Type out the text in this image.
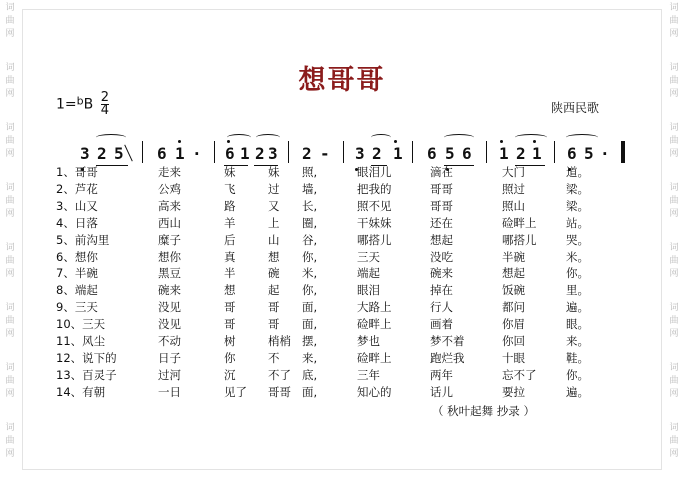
词
曲
网
词
曲
网
词
曲
网
词
曲
网
词
曲
网
词
曲
网
词
曲
网
词
曲
网
词
曲
网
词
曲
网
词
曲
网
词
曲
网
词
曲
网
词
曲
网
词
曲
网
词
曲
网
想哥哥
$1=^bB \frac{2}{4}$	陕西民歌
3 2 5 6 1 · 6 1 2 3 2 - 3 2 1 6 5 6 1 2 1 6 5 ·
1、哥哥	走来	妹	妹 照,	眼泪儿	滴在	大门	道。
2、芦花	公鸡	飞	过 墙,	把我的	哥哥	照过	梁。
3、山又	高来	路	又 长,	照不见	哥哥	照山	梁。
4、日落	西山	羊	上 圈,	干妹妹	还在	硷畔上	站。
5、前沟里	糜子	后	山 谷,	哪搭儿	想起	哪搭儿	哭。
6、想你	想你	真	想 你,	三天	没吃	半碗	米。
7、半碗	黑豆	半	碗 米,	端起	碗来	想起	你。
8、端起	碗来	想	起 你,	眼泪	掉在	饭碗	里。
9、三天	没见	哥	哥 面,	大路上	行人	都问	遍。
10、三天	没见	哥	哥 面,	硷畔上	画着	你眉	眼。
11、风尘	不动	树	梢梢 摆,	梦也	梦不着	你回	来。
12、说下的	日子	你	不 来,	硷畔上	跑烂我	十眼	鞋。
13、百灵子	过河	沉	不了 底,	三年	两年	忘不了	你。
14、有朝	一日	见了 哥哥 面,	知心的	话儿	要拉	遍。
（ 秋叶起舞 抄录 ）
